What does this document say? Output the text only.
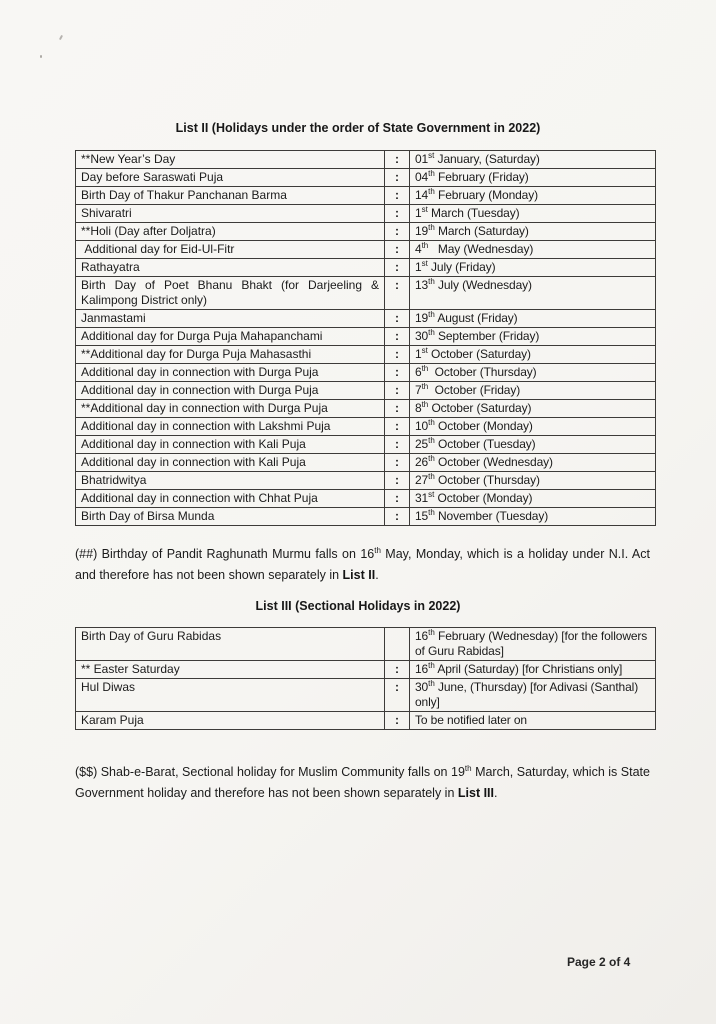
List II (Holidays under the order of State Government in 2022)
**New Year’s Day	:	01st January, (Saturday)
Day before Saraswati Puja	:	04th February (Friday)
Birth Day of Thakur Panchanan Barma	:	14th February (Monday)
Shivaratri	:	1st March (Tuesday)
**Holi (Day after Doljatra)	:	19th March (Saturday)
Additional day for Eid-Ul-Fitr	:	4th   May (Wednesday)
Rathayatra	:	1st July (Friday)
Birth Day of Poet Bhanu Bhakt (for Darjeeling & Kalimpong District only)	:	13th July (Wednesday)
Janmastami	:	19th August (Friday)
Additional day for Durga Puja Mahapanchami	:	30th September (Friday)
**Additional day for Durga Puja Mahasasthi	:	1st October (Saturday)
Additional day in connection with Durga Puja	:	6th  October (Thursday)
Additional day in connection with Durga Puja	:	7th  October (Friday)
**Additional day in connection with Durga Puja	:	8th October (Saturday)
Additional day in connection with Lakshmi Puja	:	10th October (Monday)
Additional day in connection with Kali Puja	:	25th October (Tuesday)
Additional day in connection with Kali Puja	:	26th October (Wednesday)
Bhatridwitya	:	27th October (Thursday)
Additional day in connection with Chhat Puja	:	31st October (Monday)
Birth Day of Birsa Munda	:	15th November (Tuesday)

(##) Birthday of Pandit Raghunath Murmu falls on 16th May, Monday, which is a holiday under N.I. Act and therefore has not been shown separately in List II.

List III (Sectional Holidays in 2022)
Birth Day of Guru Rabidas		16th February (Wednesday) [for the followers of Guru Rabidas]
** Easter Saturday	:	16th April (Saturday) [for Christians only]
Hul Diwas	:	30th June, (Thursday) [for Adivasi (Santhal) only]
Karam Puja	:	To be notified later on

($$) Shab-e-Barat, Sectional holiday for Muslim Community falls on 19th March, Saturday, which is State Government holiday and therefore has not been shown separately in List III.

Page 2 of 4
